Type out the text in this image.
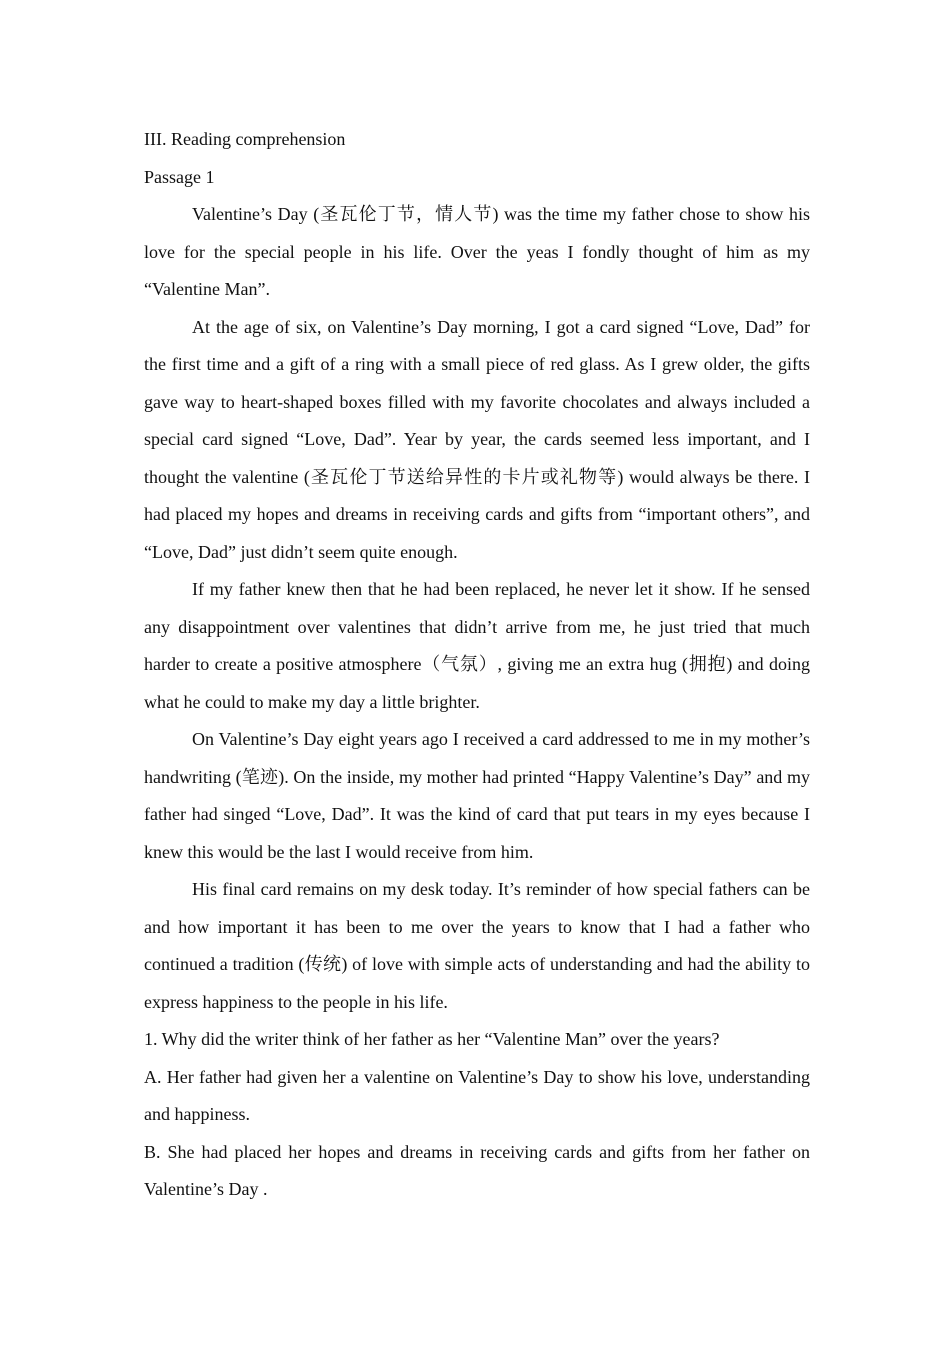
III. Reading comprehension

Passage 1

Valentine’s Day (圣瓦伦丁节，情人节) was the time my father chose to show his love for the special people in his life. Over the yeas I fondly thought of him as my “Valentine Man”.

At the age of six, on Valentine’s Day morning, I got a card signed “Love, Dad” for the first time and a gift of a ring with a small piece of red glass. As I grew older, the gifts gave way to heart-shaped boxes filled with my favorite chocolates and always included a special card signed “Love, Dad”. Year by year, the cards seemed less important, and I thought the valentine (圣瓦伦丁节送给异性的卡片或礼物等) would always be there. I had placed my hopes and dreams in receiving cards and gifts from “important others”, and “Love, Dad” just didn’t seem quite enough.

If my father knew then that he had been replaced, he never let it show. If he sensed any disappointment over valentines that didn’t arrive from me, he just tried that much harder to create a positive atmosphere（气氛）, giving me an extra hug (拥抱) and doing what he could to make my day a little brighter.

On Valentine’s Day eight years ago I received a card addressed to me in my mother’s handwriting (笔迹). On the inside, my mother had printed “Happy Valentine’s Day” and my father had singed “Love, Dad”. It was the kind of card that put tears in my eyes because I knew this would be the last I would receive from him.

His final card remains on my desk today. It’s reminder of how special fathers can be and how important it has been to me over the years to know that I had a father who continued a tradition (传统) of love with simple acts of understanding and had the ability to express happiness to the people in his life.

1. Why did the writer think of her father as her “Valentine Man” over the years?

A. Her father had given her a valentine on Valentine’s Day to show his love, understanding and happiness.

B. She had placed her hopes and dreams in receiving cards and gifts from her father on Valentine’s Day .
